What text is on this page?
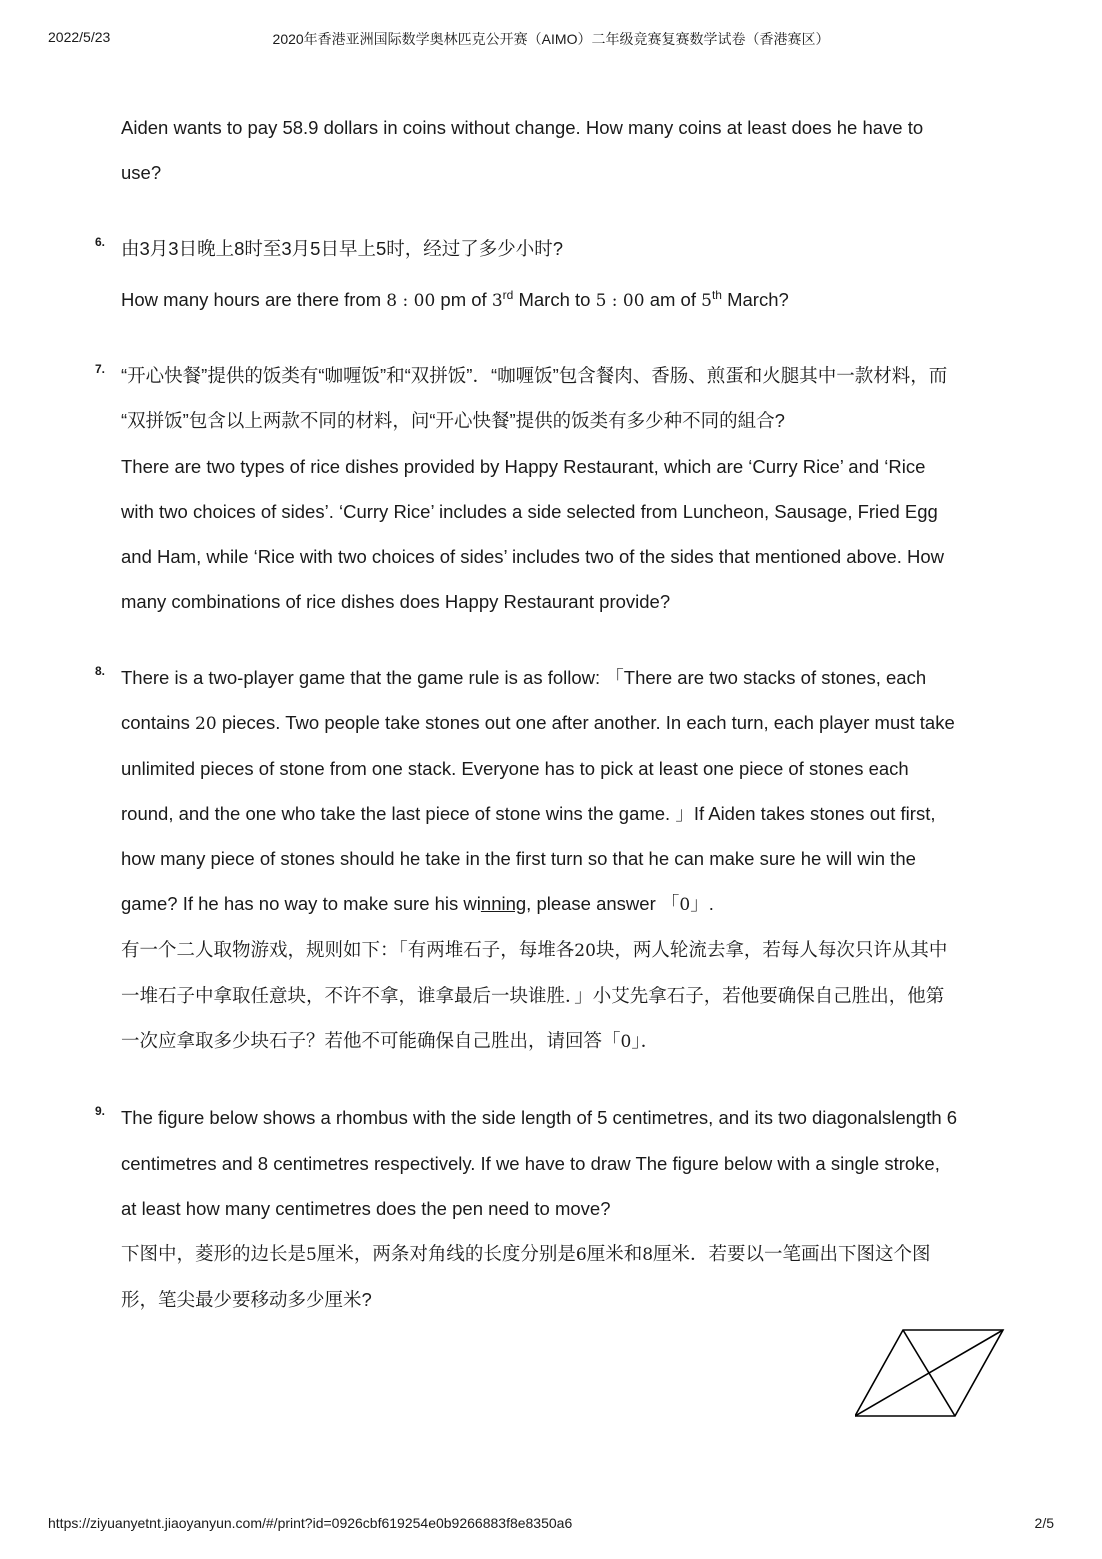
2022/5/23	2020年香港亚洲国际数学奥林匹克公开赛（AIMO）二年级竞赛复赛数学试卷（香港赛区）
Aiden wants to pay 58.9 dollars in coins without change. How many coins at least does he have to
use?
6. 由3月3日晚上8时至3月5日早上5时，经过了多少小时?
How many hours are there from 8 : 00 pm of 3rd March to 5 : 00 am of 5th March?
7. “开心快餐”提供的饭类有“咖喱饭”和“双拼饭”．“咖喱饭”包含餐肉、香肠、煎蛋和火腿其中一款材料，而
“双拼饭”包含以上两款不同的材料，问“开心快餐”提供的饭类有多少种不同的組合?
There are two types of rice dishes provided by Happy Restaurant, which are ‘Curry Rice’ and ‘Rice
with two choices of sides’. ‘Curry Rice’ includes a side selected from Luncheon, Sausage, Fried Egg
and Ham, while ‘Rice with two choices of sides’ includes two of the sides that mentioned above. How
many combinations of rice dishes does Happy Restaurant provide?
8. There is a two-player game that the game rule is as follow: 「There are two stacks of stones, each
contains 20 pieces. Two people take stones out one after another. In each turn, each player must take
unlimited pieces of stone from one stack. Everyone has to pick at least one piece of stones each
round, and the one who take the last piece of stone wins the game. 」If Aiden takes stones out first,
how many piece of stones should he take in the first turn so that he can make sure he will win the
game? If he has no way to make sure his winning, please answer 「0」.
有一个二人取物游戏，规则如下：「有两堆石子，每堆各20块，两人轮流去拿，若每人每次只许从其中
一堆石子中拿取任意块，不许不拿，谁拿最后一块谁胜．」小艾先拿石子，若他要确保自己胜出，他第
一次应拿取多少块石子？若他不可能确保自己胜出，请回答「0」．
9. The figure below shows a rhombus with the side length of 5 centimetres, and its two diagonalslength 6
centimetres and 8 centimetres respectively. If we have to draw The figure below with a single stroke,
at least how many centimetres does the pen need to move?
下图中，菱形的边长是5厘米，两条对角线的长度分别是6厘米和8厘米．若要以一笔画出下图这个图
形，笔尖最少要移动多少厘米?
https://ziyuanyetnt.jiaoyanyun.com/#/print?id=0926cbf619254e0b9266883f8e8350a6	2/5
